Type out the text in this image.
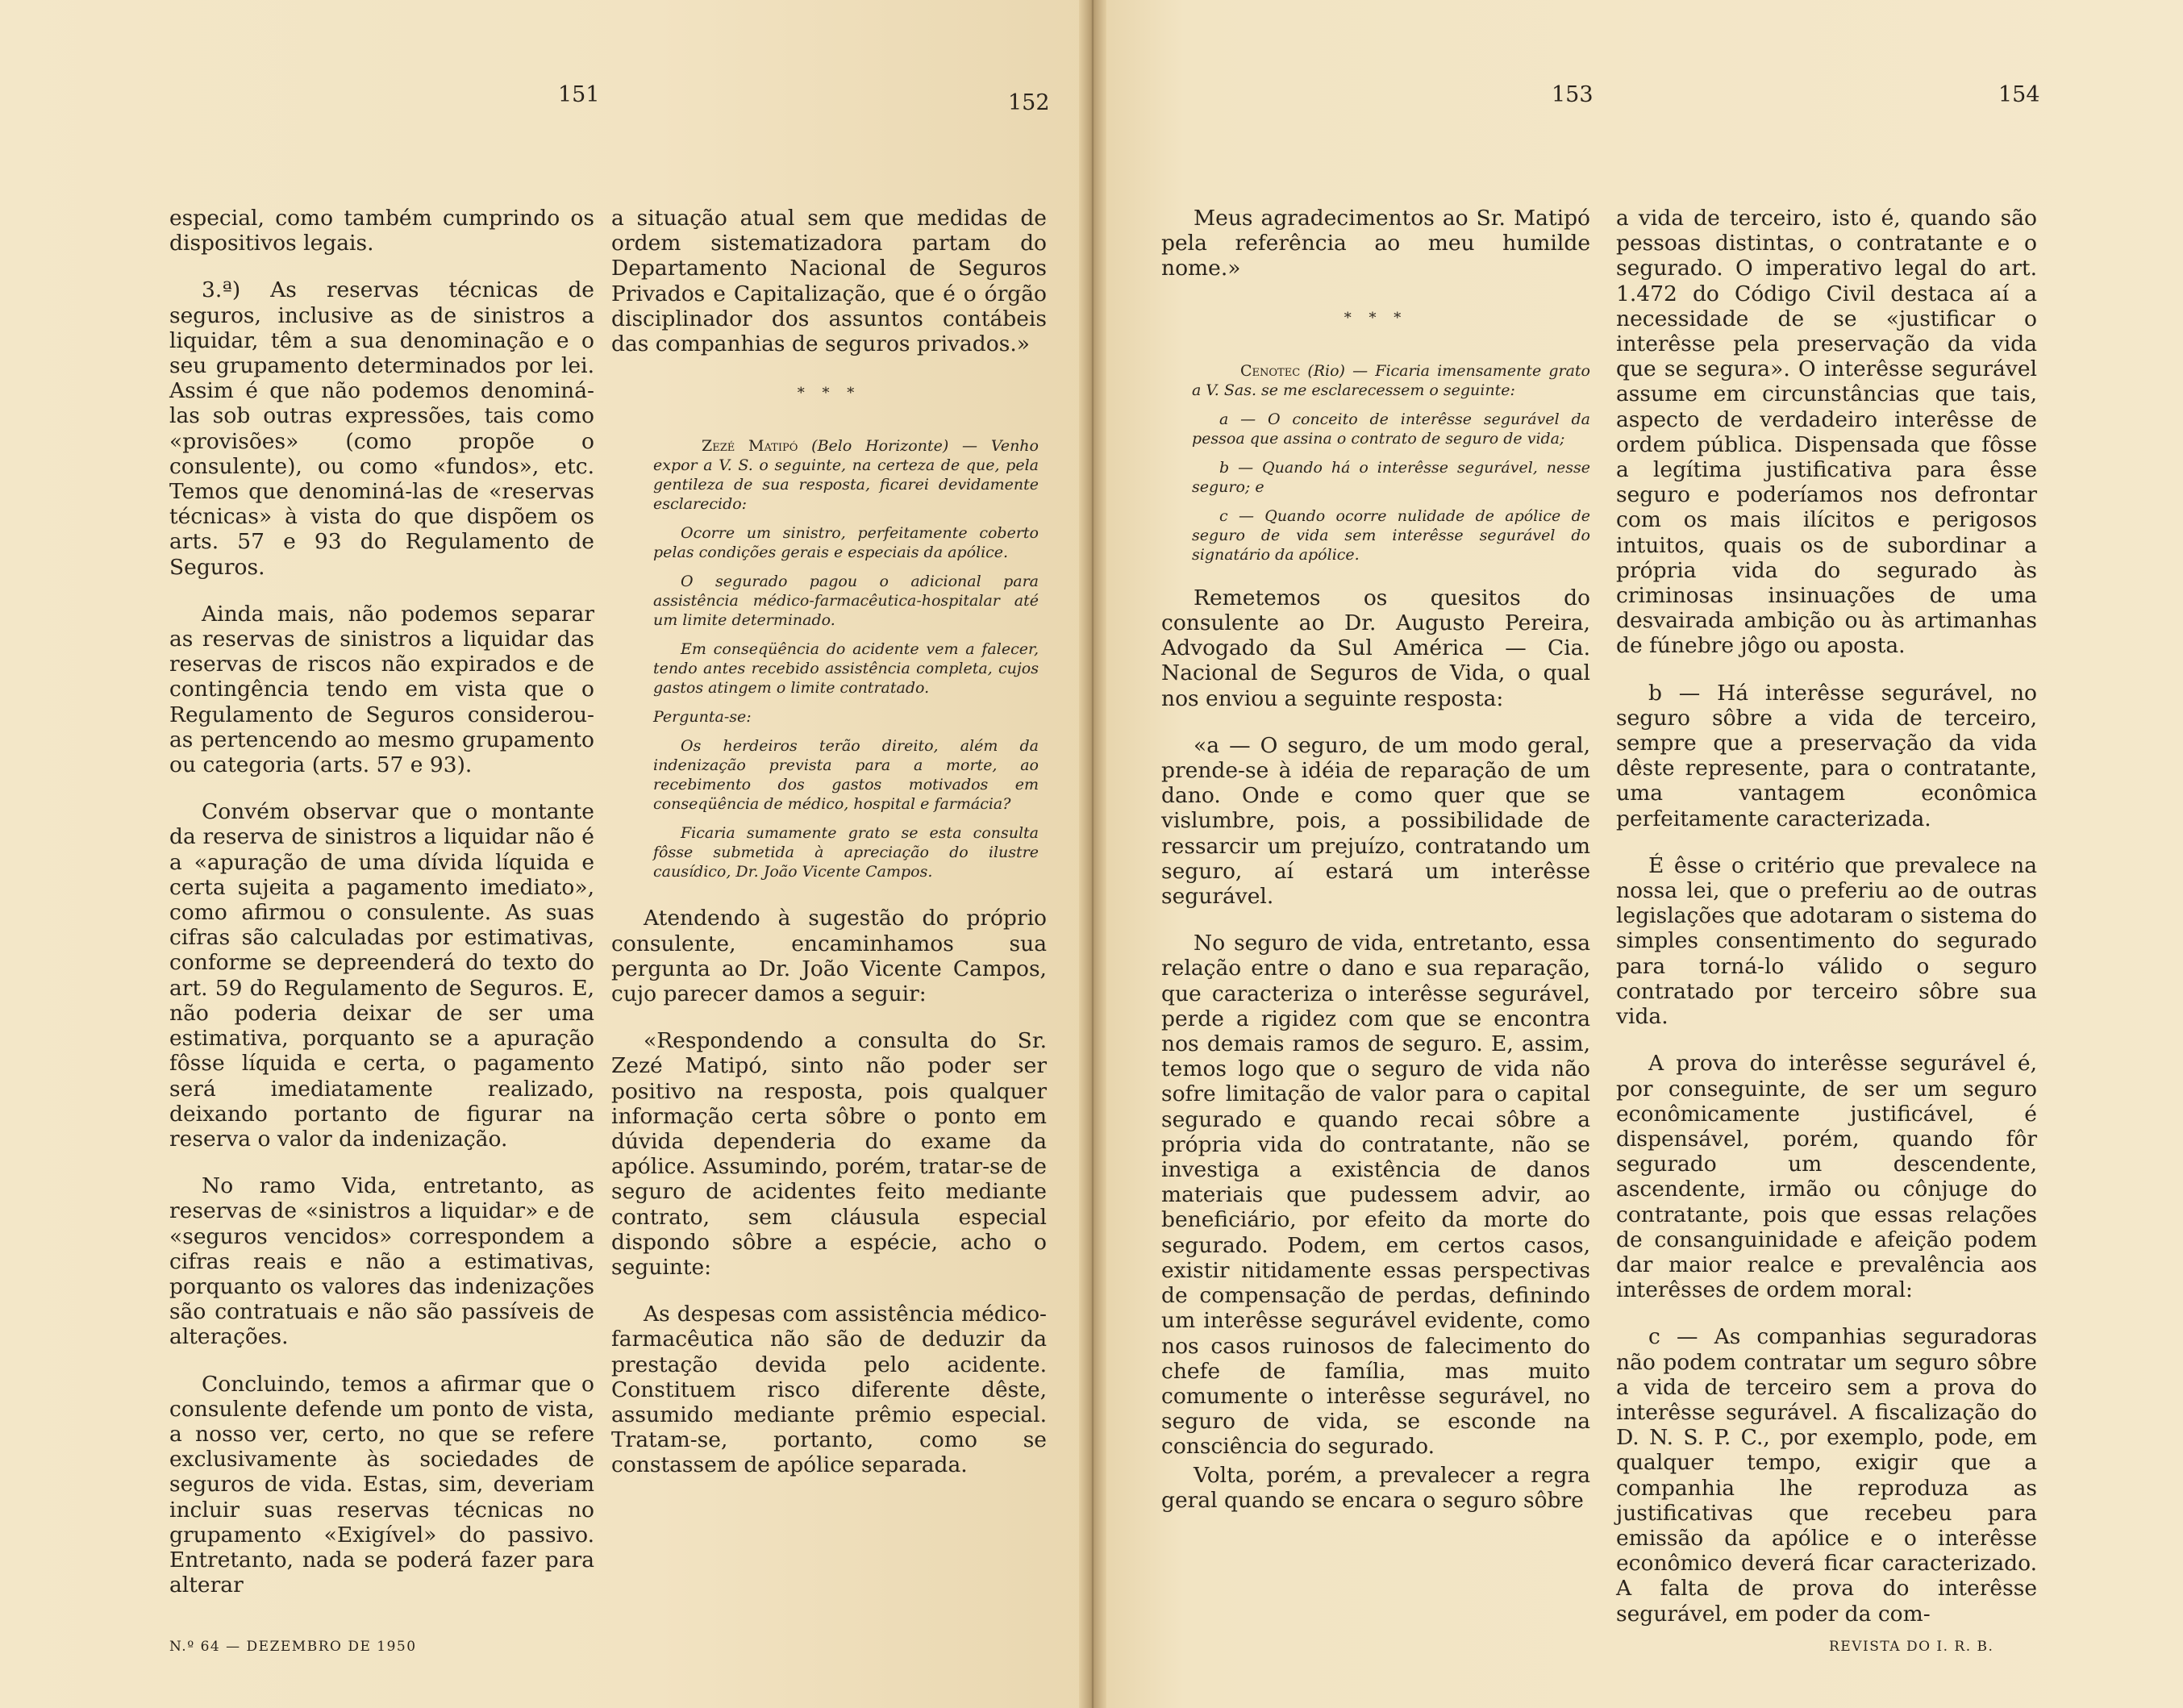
151	152	153	154

especial, como também cumprindo os dispositivos legais.

3.ª) As reservas técnicas de seguros, inclusive as de sinistros a liquidar, têm a sua denominação e o seu grupamento determinados por lei. Assim é que não podemos denominá-las sob outras expressões, tais como «provisões» (como propõe o consulente), ou como «fundos», etc. Temos que denominá-las de «reservas técnicas» à vista do que dispõem os arts. 57 e 93 do Regulamento de Seguros.

Ainda mais, não podemos separar as reservas de sinistros a liquidar das reservas de riscos não expirados e de contingência tendo em vista que o Regulamento de Seguros considerou-as pertencendo ao mesmo grupamento ou categoria (arts. 57 e 93).

Convém observar que o montante da reserva de sinistros a liquidar não é a «apuração de uma dívida líquida e certa sujeita a pagamento imediato», como afirmou o consulente. As suas cifras são calculadas por estimativas, conforme se depreenderá do texto do art. 59 do Regulamento de Seguros. E, não poderia deixar de ser uma estimativa, porquanto se a apuração fôsse líquida e certa, o pagamento será imediatamente realizado, deixando portanto de figurar na reserva o valor da indenização.

No ramo Vida, entretanto, as reservas de «sinistros a liquidar» e de «seguros vencidos» correspondem a cifras reais e não a estimativas, porquanto os valores das indenizações são contratuais e não são passíveis de alterações.

Concluindo, temos a afirmar que o consulente defende um ponto de vista, a nosso ver, certo, no que se refere exclusivamente às sociedades de seguros de vida. Estas, sim, deveriam incluir suas reservas técnicas no grupamento «Exigível» do passivo. Entretanto, nada se poderá fazer para alterar

a situação atual sem que medidas de ordem sistematizadora partam do Departamento Nacional de Seguros Privados e Capitalização, que é o órgão disciplinador dos assuntos contábeis das companhias de seguros privados.»

* * *

Zezé Matipó (Belo Horizonte) — Venho expor a V. S. o seguinte, na certeza de que, pela gentileza de sua resposta, ficarei devidamente esclarecido:

Ocorre um sinistro, perfeitamente coberto pelas condições gerais e especiais da apólice.

O segurado pagou o adicional para assistência médico-farmacêutica-hospitalar até um limite determinado.

Em conseqüência do acidente vem a falecer, tendo antes recebido assistência completa, cujos gastos atingem o limite contratado.

Pergunta-se:

Os herdeiros terão direito, além da indenização prevista para a morte, ao recebimento dos gastos motivados em conseqüência de médico, hospital e farmácia?

Ficaria sumamente grato se esta consulta fôsse submetida à apreciação do ilustre causídico, Dr. João Vicente Campos.

Atendendo à sugestão do próprio consulente, encaminhamos sua pergunta ao Dr. João Vicente Campos, cujo parecer damos a seguir:

«Respondendo a consulta do Sr. Zezé Matipó, sinto não poder ser positivo na resposta, pois qualquer informação certa sôbre o ponto em dúvida dependeria do exame da apólice. Assumindo, porém, tratar-se de seguro de acidentes feito mediante contrato, sem cláusula especial dispondo sôbre a espécie, acho o seguinte:

As despesas com assistência médico-farmacêutica não são de deduzir da prestação devida pelo acidente. Constituem risco diferente dêste, assumido mediante prêmio especial. Tratam-se, portanto, como se constassem de apólice separada.

Meus agradecimentos ao Sr. Matipó pela referência ao meu humilde nome.»

* * *

Cenotec (Rio) — Ficaria imensamente grato a V. Sas. se me esclarecessem o seguinte:

a — O conceito de interêsse segurável da pessoa que assina o contrato de seguro de vida;

b — Quando há o interêsse segurável, nesse seguro; e

c — Quando ocorre nulidade de apólice de seguro de vida sem interêsse segurável do signatário da apólice.

Remetemos os quesitos do consulente ao Dr. Augusto Pereira, Advogado da Sul América — Cia. Nacional de Seguros de Vida, o qual nos enviou a seguinte resposta:

«a — O seguro, de um modo geral, prende-se à idéia de reparação de um dano. Onde e como quer que se vislumbre, pois, a possibilidade de ressarcir um prejuízo, contratando um seguro, aí estará um interêsse segurável.

No seguro de vida, entretanto, essa relação entre o dano e sua reparação, que caracteriza o interêsse segurável, perde a rigidez com que se encontra nos demais ramos de seguro. E, assim, temos logo que o seguro de vida não sofre limitação de valor para o capital segurado e quando recai sôbre a própria vida do contratante, não se investiga a existência de danos materiais que pudessem advir, ao beneficiário, por efeito da morte do segurado. Podem, em certos casos, existir nitidamente essas perspectivas de compensação de perdas, definindo um interêsse segurável evidente, como nos casos ruinosos de falecimento do chefe de família, mas muito comumente o interêsse segurável, no seguro de vida, se esconde na consciência do segurado.

Volta, porém, a prevalecer a regra geral quando se encara o seguro sôbre

a vida de terceiro, isto é, quando são pessoas distintas, o contratante e o segurado. O imperativo legal do art. 1.472 do Código Civil destaca aí a necessidade de se «justificar o interêsse pela preservação da vida que se segura». O interêsse segurável assume em circunstâncias que tais, aspecto de verdadeiro interêsse de ordem pública. Dispensada que fôsse a legítima justificativa para êsse seguro e poderíamos nos defrontar com os mais ilícitos e perigosos intuitos, quais os de subordinar a própria vida do segurado às criminosas insinuações de uma desvairada ambição ou às artimanhas de fúnebre jôgo ou aposta.

b — Há interêsse segurável, no seguro sôbre a vida de terceiro, sempre que a preservação da vida dêste represente, para o contratante, uma vantagem econômica perfeitamente caracterizada.

É êsse o critério que prevalece na nossa lei, que o preferiu ao de outras legislações que adotaram o sistema do simples consentimento do segurado para torná-lo válido o seguro contratado por terceiro sôbre sua vida.

A prova do interêsse segurável é, por conseguinte, de ser um seguro econômicamente justificável, é dispensável, porém, quando fôr segurado um descendente, ascendente, irmão ou cônjuge do contratante, pois que essas relações de consanguinidade e afeição podem dar maior realce e prevalência aos interêsses de ordem moral:

c — As companhias seguradoras não podem contratar um seguro sôbre a vida de terceiro sem a prova do interêsse segurável. A fiscalização do D. N. S. P. C., por exemplo, pode, em qualquer tempo, exigir que a companhia lhe reproduza as justificativas que recebeu para emissão da apólice e o interêsse econômico deverá ficar caracterizado. A falta de prova do interêsse segurável, em poder da com-

N.º 64 — DEZEMBRO DE 1950	REVISTA DO I. R. B.
